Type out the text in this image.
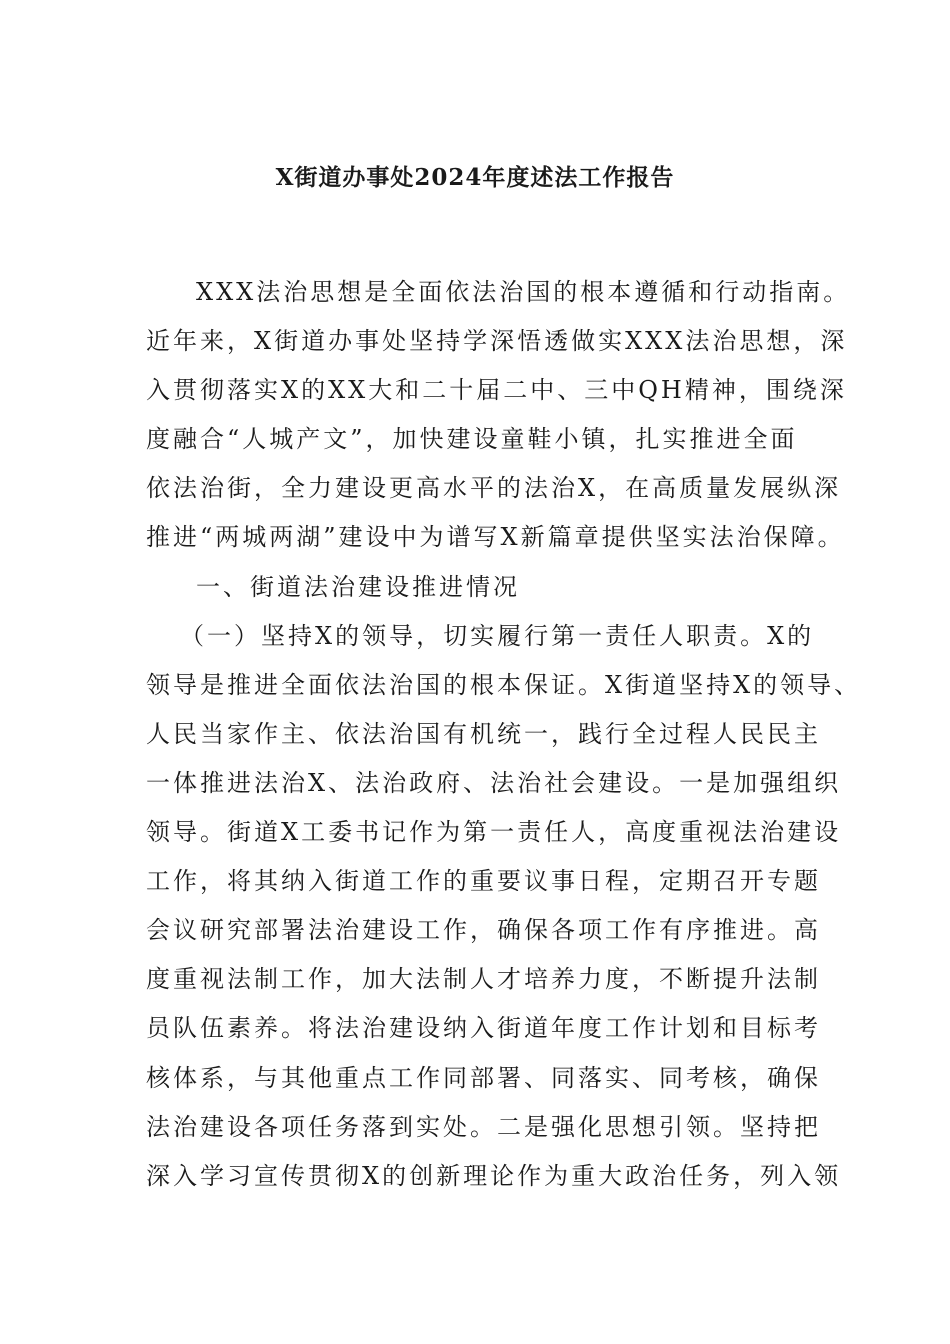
X街道办事处2024年度述法工作报告
XXX法治思想是全面依法治国的根本遵循和行动指南。
近年来，X街道办事处坚持学深悟透做实XXX法治思想，深
入贯彻落实X的XX大和二十届二中、三中QH精神，围绕深
度融合“人城产文”，加快建设童鞋小镇，扎实推进全面
依法治街，全力建设更高水平的法治X，在高质量发展纵深
推进“两城两湖”建设中为谱写X新篇章提供坚实法治保障。
一、街道法治建设推进情况
（一）坚持X的领导，切实履行第一责任人职责。X的
领导是推进全面依法治国的根本保证。X街道坚持X的领导、
人民当家作主、依法治国有机统一，践行全过程人民民主
一体推进法治X、法治政府、法治社会建设。一是加强组织
领导。街道X工委书记作为第一责任人，高度重视法治建设
工作，将其纳入街道工作的重要议事日程，定期召开专题
会议研究部署法治建设工作，确保各项工作有序推进。高
度重视法制工作，加大法制人才培养力度，不断提升法制
员队伍素养。将法治建设纳入街道年度工作计划和目标考
核体系，与其他重点工作同部署、同落实、同考核，确保
法治建设各项任务落到实处。二是强化思想引领。坚持把
深入学习宣传贯彻X的创新理论作为重大政治任务，列入领
